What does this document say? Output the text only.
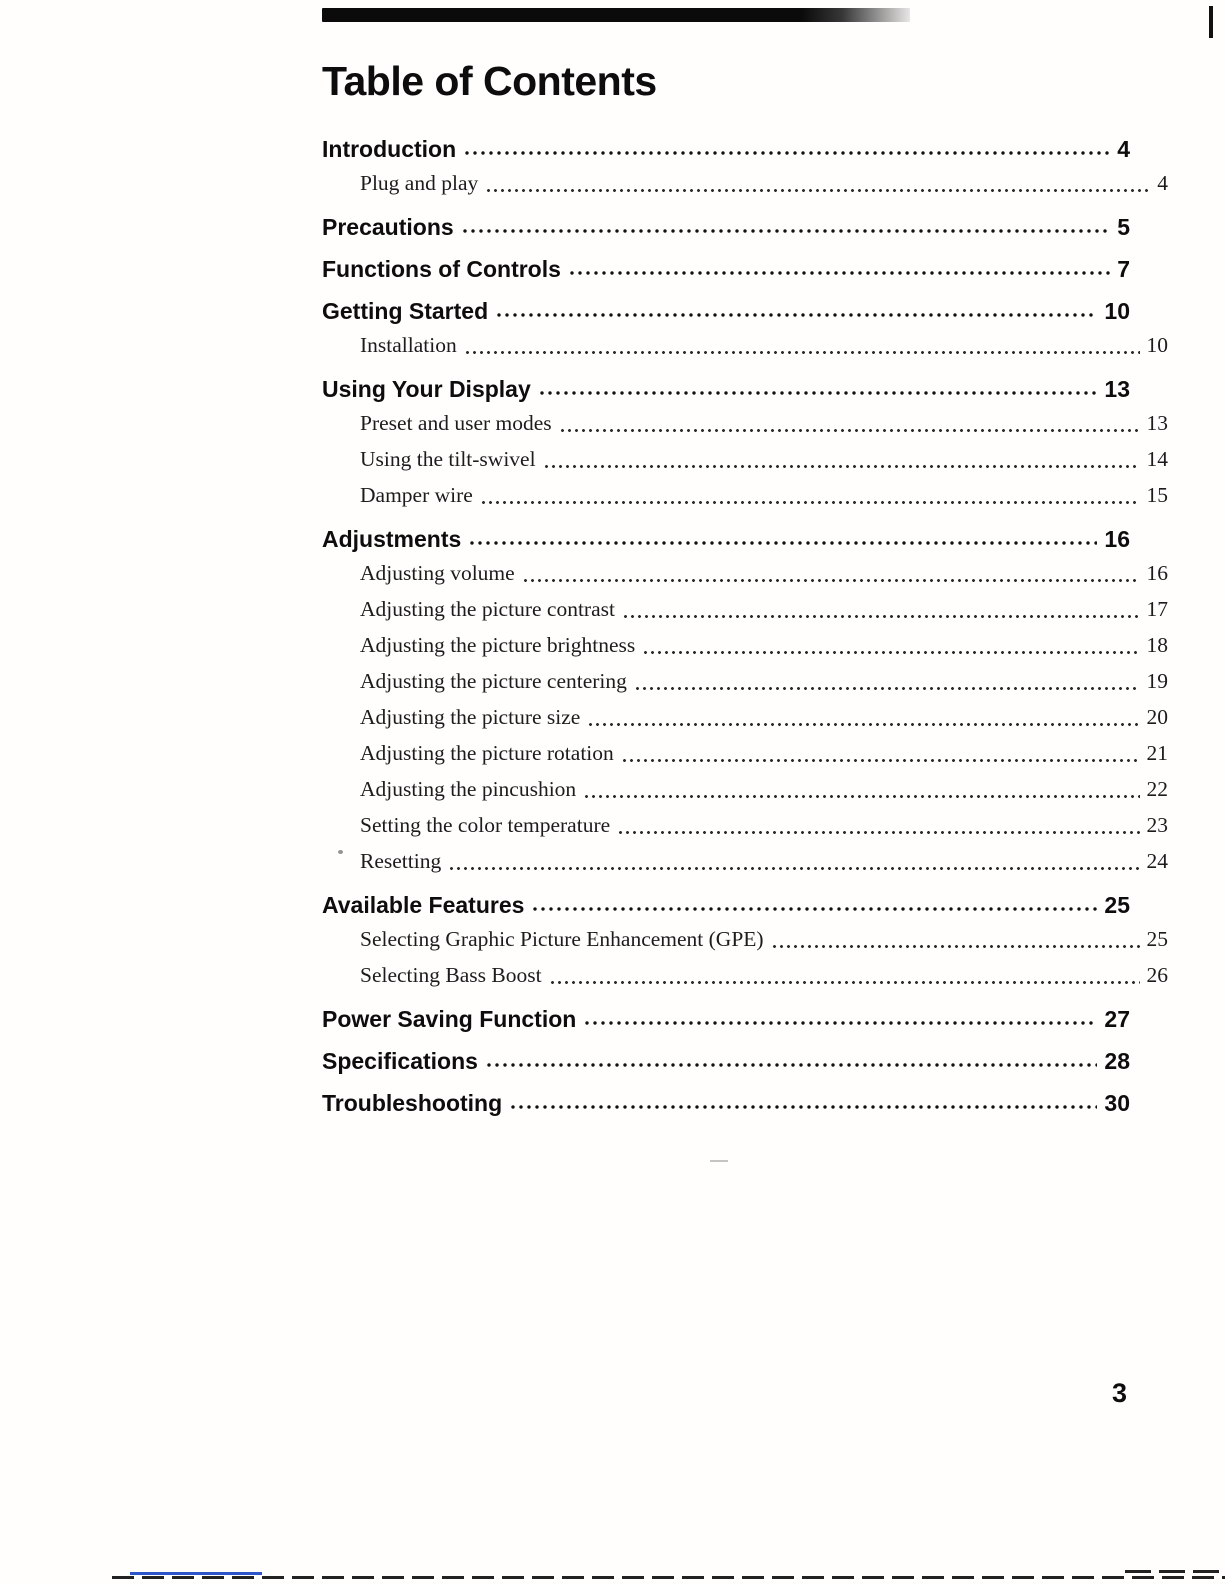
Table of Contents
Introduction	4
Plug and play	4
Precautions	5
Functions of Controls	7
Getting Started	10
Installation	10
Using Your Display	13
Preset and user modes	13
Using the tilt-swivel	14
Damper wire	15
Adjustments	16
Adjusting volume	16
Adjusting the picture contrast	17
Adjusting the picture brightness	18
Adjusting the picture centering	19
Adjusting the picture size	20
Adjusting the picture rotation	21
Adjusting the pincushion	22
Setting the color temperature	23
Resetting	24
Available Features	25
Selecting Graphic Picture Enhancement (GPE)	25
Selecting Bass Boost	26
Power Saving Function	27
Specifications	28
Troubleshooting	30
3
